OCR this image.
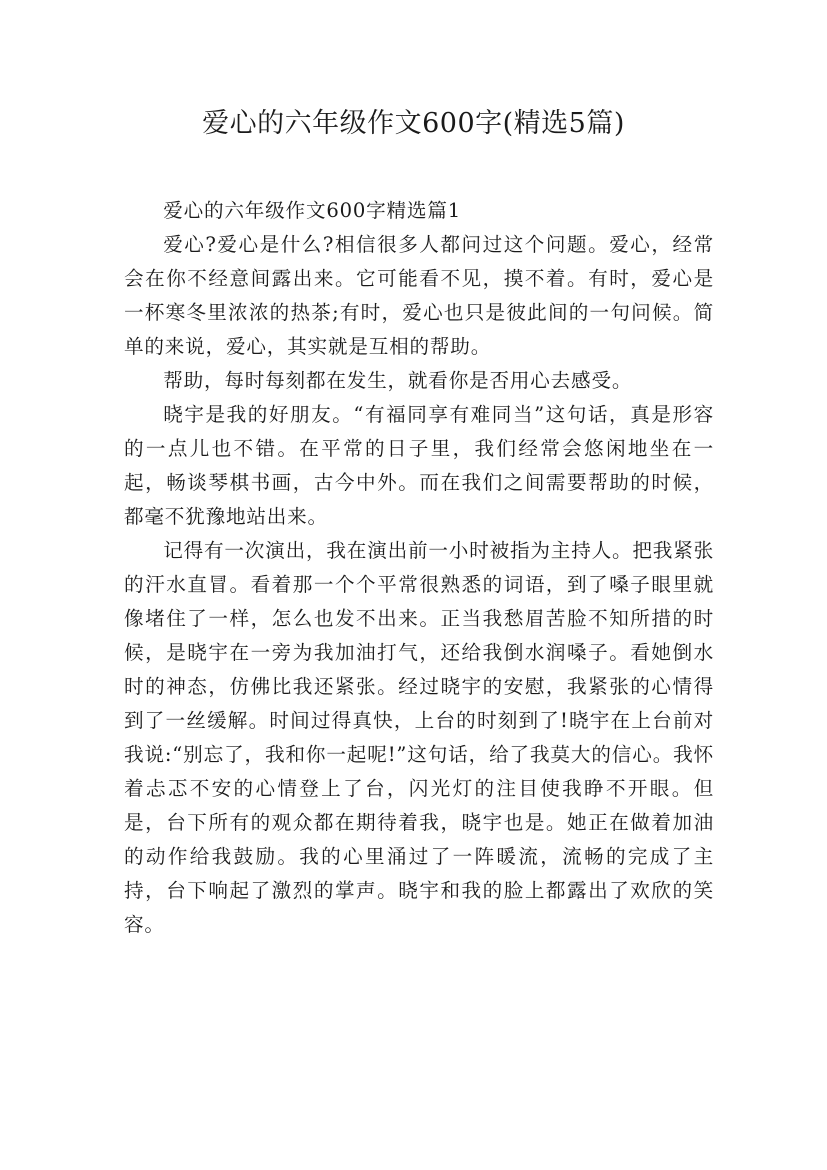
爱心的六年级作文600字(精选5篇)

爱心的六年级作文600字精选篇1

爱心?爱心是什么?相信很多人都问过这个问题。爱心，经常会在你不经意间露出来。它可能看不见，摸不着。有时，爱心是一杯寒冬里浓浓的热茶;有时，爱心也只是彼此间的一句问候。简单的来说，爱心，其实就是互相的帮助。

帮助，每时每刻都在发生，就看你是否用心去感受。

晓宇是我的好朋友。“有福同享有难同当”这句话，真是形容的一点儿也不错。在平常的日子里，我们经常会悠闲地坐在一起，畅谈琴棋书画，古今中外。而在我们之间需要帮助的时候，都毫不犹豫地站出来。

记得有一次演出，我在演出前一小时被指为主持人。把我紧张的汗水直冒。看着那一个个平常很熟悉的词语，到了嗓子眼里就像堵住了一样，怎么也发不出来。正当我愁眉苦脸不知所措的时候，是晓宇在一旁为我加油打气，还给我倒水润嗓子。看她倒水时的神态，仿佛比我还紧张。经过晓宇的安慰，我紧张的心情得到了一丝缓解。时间过得真快，上台的时刻到了!晓宇在上台前对我说:“别忘了，我和你一起呢!”这句话，给了我莫大的信心。我怀着忐忑不安的心情登上了台，闪光灯的注目使我睁不开眼。但是，台下所有的观众都在期待着我，晓宇也是。她正在做着加油的动作给我鼓励。我的心里涌过了一阵暖流，流畅的完成了主持，台下响起了激烈的掌声。晓宇和我的脸上都露出了欢欣的笑容。
